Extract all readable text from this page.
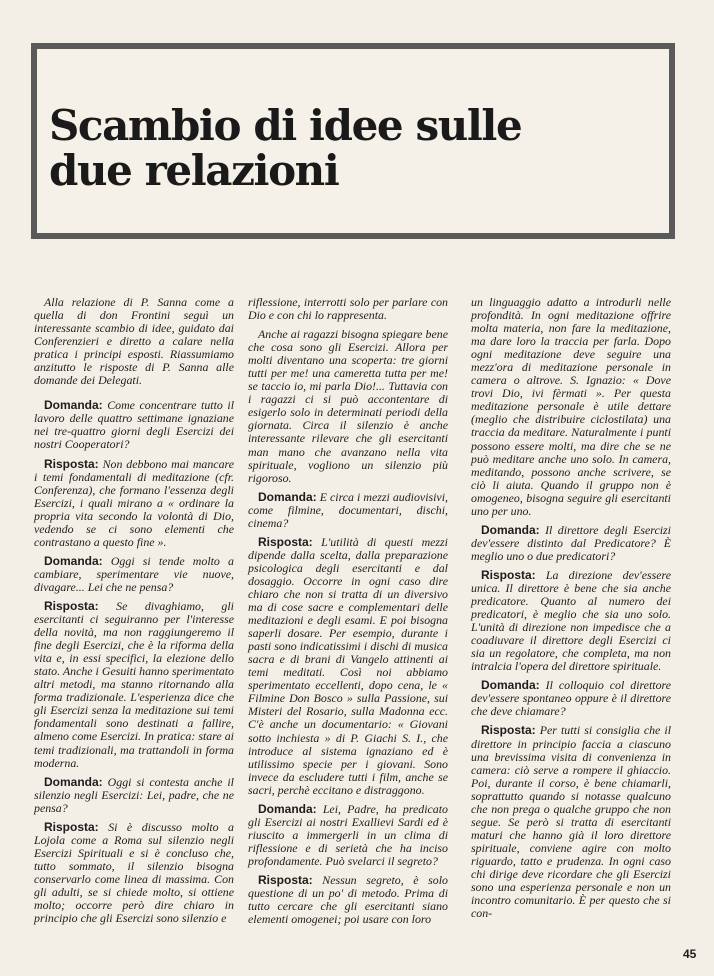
Scambio di idee sulle
due relazioni

Alla relazione di P. Sanna come a quella di don Frontini seguì un interessante scambio di idee, guidato dai Conferenzieri e diretto a calare nella pratica i principi esposti. Riassumiamo anzitutto le risposte di P. Sanna alle domande dei Delegati.

Domanda: Come concentrare tutto il lavoro delle quattro settimane ignaziane nei tre-quattro giorni degli Esercizi dei nostri Cooperatori?

Risposta: Non debbono mai mancare i temi fondamentali di meditazione (cfr. Conferenza), che formano l'essenza degli Esercizi, i quali mirano a « ordinare la propria vita secondo la volontà di Dio, vedendo se ci sono elementi che contrastano a questo fine ».

Domanda: Oggi si tende molto a cambiare, sperimentare vie nuove, divagare... Lei che ne pensa?

Risposta: Se divaghiamo, gli esercitanti ci seguiranno per l'interesse della novità, ma non raggiungeremo il fine degli Esercizi, che è la riforma della vita e, in essi specifici, la elezione dello stato. Anche i Gesuiti hanno sperimentato altri metodi, ma stanno ritornando alla forma tradizionale. L'esperienza dice che gli Esercizi senza la meditazione sui temi fondamentali sono destinati a fallire, almeno come Esercizi. In pratica: stare ai temi tradizionali, ma trattandoli in forma moderna.

Domanda: Oggi si contesta anche il silenzio negli Esercizi: Lei, padre, che ne pensa?

Risposta: Si è discusso molto a Lojola come a Roma sul silenzio negli Esercizi Spirituali e si è concluso che, tutto sommato, il silenzio bisogna conservarlo come linea di massima. Con gli adulti, se si chiede molto, si ottiene molto; occorre però dire chiaro in principio che gli Esercizi sono silenzio e

riflessione, interrotti solo per parlare con Dio e con chi lo rappresenta.

Anche ai ragazzi bisogna spiegare bene che cosa sono gli Esercizi. Allora per molti diventano una scoperta: tre giorni tutti per me! una cameretta tutta per me! se taccio io, mi parla Dio!... Tuttavia con i ragazzi ci si può accontentare di esigerlo solo in determinati periodi della giornata. Circa il silenzio è anche interessante rilevare che gli esercitanti man mano che avanzano nella vita spirituale, vogliono un silenzio più rigoroso.

Domanda: E circa i mezzi audiovisivi, come filmine, documentari, dischi, cinema?

Risposta: L'utilità di questi mezzi dipende dalla scelta, dalla preparazione psicologica degli esercitanti e dal dosaggio. Occorre in ogni caso dire chiaro che non si tratta di un diversivo ma di cose sacre e complementari delle meditazioni e degli esami. E poi bisogna saperli dosare. Per esempio, durante i pasti sono indicatissimi i dischi di musica sacra e di brani di Vangelo attinenti ai temi meditati. Così noi abbiamo sperimentato eccellenti, dopo cena, le « Filmine Don Bosco » sulla Passione, sui Misteri del Rosario, sulla Madonna ecc. C'è anche un documentario: « Giovani sotto inchiesta » di P. Giachi S. I., che introduce al sistema ignaziano ed è utilissimo specie per i giovani. Sono invece da escludere tutti i film, anche se sacri, perchè eccitano e distraggono.

Domanda: Lei, Padre, ha predicato gli Esercizi ai nostri Exallievi Sardi ed è riuscito a immergerli in un clima di riflessione e di serietà che ha inciso profondamente. Può svelarci il segreto?

Risposta: Nessun segreto, è solo questione di un po' di metodo. Prima di tutto cercare che gli esercitanti siano elementi omogenei; poi usare con loro

un linguaggio adatto a introdurli nelle profondità. In ogni meditazione offrire molta materia, non fare la meditazione, ma dare loro la traccia per farla. Dopo ogni meditazione deve seguire una mezz'ora di meditazione personale in camera o altrove. S. Ignazio: « Dove trovi Dio, ivi fèrmati ». Per questa meditazione personale è utile dettare (meglio che distribuire ciclostilata) una traccia da meditare. Naturalmente i punti possono essere molti, ma dire che se ne può meditare anche uno solo. In camera, meditando, possono anche scrivere, se ciò li aiuta. Quando il gruppo non è omogeneo, bisogna seguire gli esercitanti uno per uno.

Domanda: Il direttore degli Esercizi dev'essere distinto dal Predicatore? È meglio uno o due predicatori?

Risposta: La direzione dev'essere unica. Il direttore è bene che sia anche predicatore. Quanto al numero dei predicatori, è meglio che sia uno solo. L'unità di direzione non impedisce che a coadiuvare il direttore degli Esercizi ci sia un regolatore, che completa, ma non intralcia l'opera del direttore spirituale.

Domanda: Il colloquio col direttore dev'essere spontaneo oppure è il direttore che deve chiamare?

Risposta: Per tutti si consiglia che il direttore in principio faccia a ciascuno una brevissima visita di convenienza in camera: ciò serve a rompere il ghiaccio. Poi, durante il corso, è bene chiamarli, soprattutto quando si notasse qualcuno che non prega o qualche gruppo che non segue. Se però si tratta di esercitanti maturi che hanno già il loro direttore spirituale, conviene agire con molto riguardo, tatto e prudenza. In ogni caso chi dirige deve ricordare che gli Esercizi sono una esperienza personale e non un incontro comunitario. È per questo che si con-

45
